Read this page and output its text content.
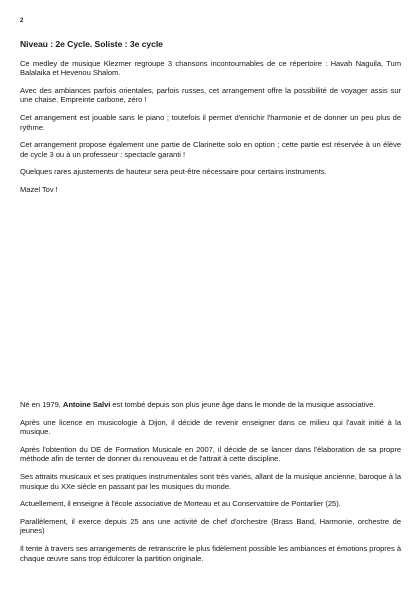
2

Niveau : 2e Cycle. Soliste : 3e cycle

Ce medley de musique Klezmer regroupe 3 chansons incontournables de ce répertoire : Havah Naguila, Tum Balalaika et Hevenou Shalom.

Avec des ambiances parfois orientales, parfois russes, cet arrangement offre la possibilité de voyager assis sur une chaise. Empreinte carbone, zéro !

Cet arrangement est jouable sans le piano ; toutefois il permet d'enrichir l'harmonie et de donner un peu plus de rythme.

Cet arrangement propose également une partie de Clarinette solo en option ; cette partie est réservée à un élève de cycle 3 ou à un professeur : spectacle garanti !

Quelques rares ajustements de hauteur sera peut-être nécessaire pour certains instruments.

Mazel Tov !

Né en 1979, Antoine Salvi est tombé depuis son plus jeune âge dans le monde de la musique associative.

Après une licence en musicologie à Dijon, il décide de revenir enseigner dans ce milieu qui l'avait initié à la musique.

Après l'obtention du DE de Formation Musicale en 2007, il décide de se lancer dans l'élaboration de sa propre méthode afin de tenter de donner du renouveau et de l'attrait à cette discipline.

Ses attraits musicaux et ses pratiques instrumentales sont très variés, allant de la musique ancienne, baroque à la musique du XXe siècle en passant par les musiques du monde.

Actuellement, il enseigne à l'école associative de Morteau et au Conservatoire de Pontarlier (25).

Parallèlement, il exerce depuis 25 ans une activité de chef d'orchestre (Brass Band, Harmonie, orchestre de jeunes)

Il tente à travers ses arrangements de retranscrire le plus fidèlement possible les ambiances et émotions propres à chaque œuvre sans trop édulcorer la partition originale.
